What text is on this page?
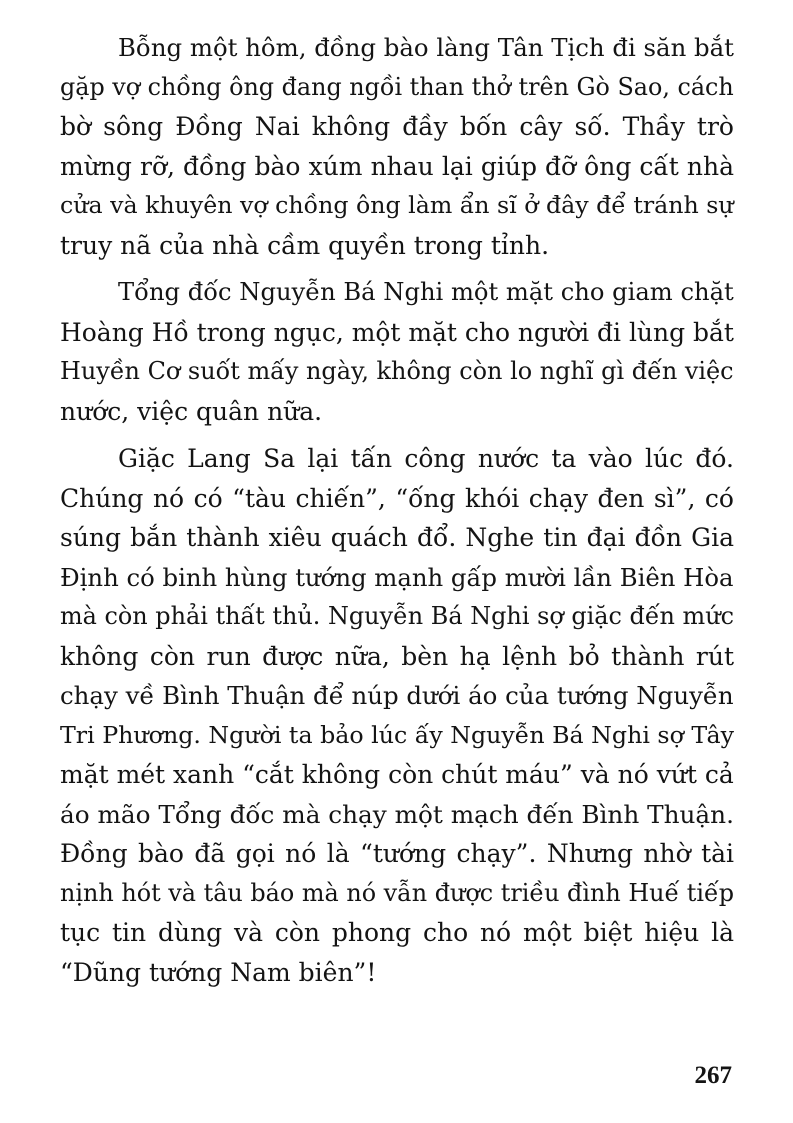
Bỗng một hôm, đồng bào làng Tân Tịch đi săn bắt
gặp vợ chồng ông đang ngồi than thở trên Gò Sao, cách
bờ sông Đồng Nai không đầy bốn cây số. Thầy trò
mừng rỡ, đồng bào xúm nhau lại giúp đỡ ông cất nhà
cửa và khuyên vợ chồng ông làm ẩn sĩ ở đây để tránh sự
truy nã của nhà cầm quyền trong tỉnh.

Tổng đốc Nguyễn Bá Nghi một mặt cho giam chặt
Hoàng Hồ trong ngục, một mặt cho người đi lùng bắt
Huyền Cơ suốt mấy ngày, không còn lo nghĩ gì đến việc
nước, việc quân nữa.

Giặc Lang Sa lại tấn công nước ta vào lúc đó.
Chúng nó có “tàu chiến”, “ống khói chạy đen sì”, có
súng bắn thành xiêu quách đổ. Nghe tin đại đồn Gia
Định có binh hùng tướng mạnh gấp mười lần Biên Hòa
mà còn phải thất thủ. Nguyễn Bá Nghi sợ giặc đến mức
không còn run được nữa, bèn hạ lệnh bỏ thành rút
chạy về Bình Thuận để núp dưới áo của tướng Nguyễn
Tri Phương. Người ta bảo lúc ấy Nguyễn Bá Nghi sợ Tây
mặt mét xanh “cắt không còn chút máu” và nó vứt cả
áo mão Tổng đốc mà chạy một mạch đến Bình Thuận.
Đồng bào đã gọi nó là “tướng chạy”. Nhưng nhờ tài
nịnh hót và tâu báo mà nó vẫn được triều đình Huế tiếp
tục tin dùng và còn phong cho nó một biệt hiệu là
“Dũng tướng Nam biên”!

267
